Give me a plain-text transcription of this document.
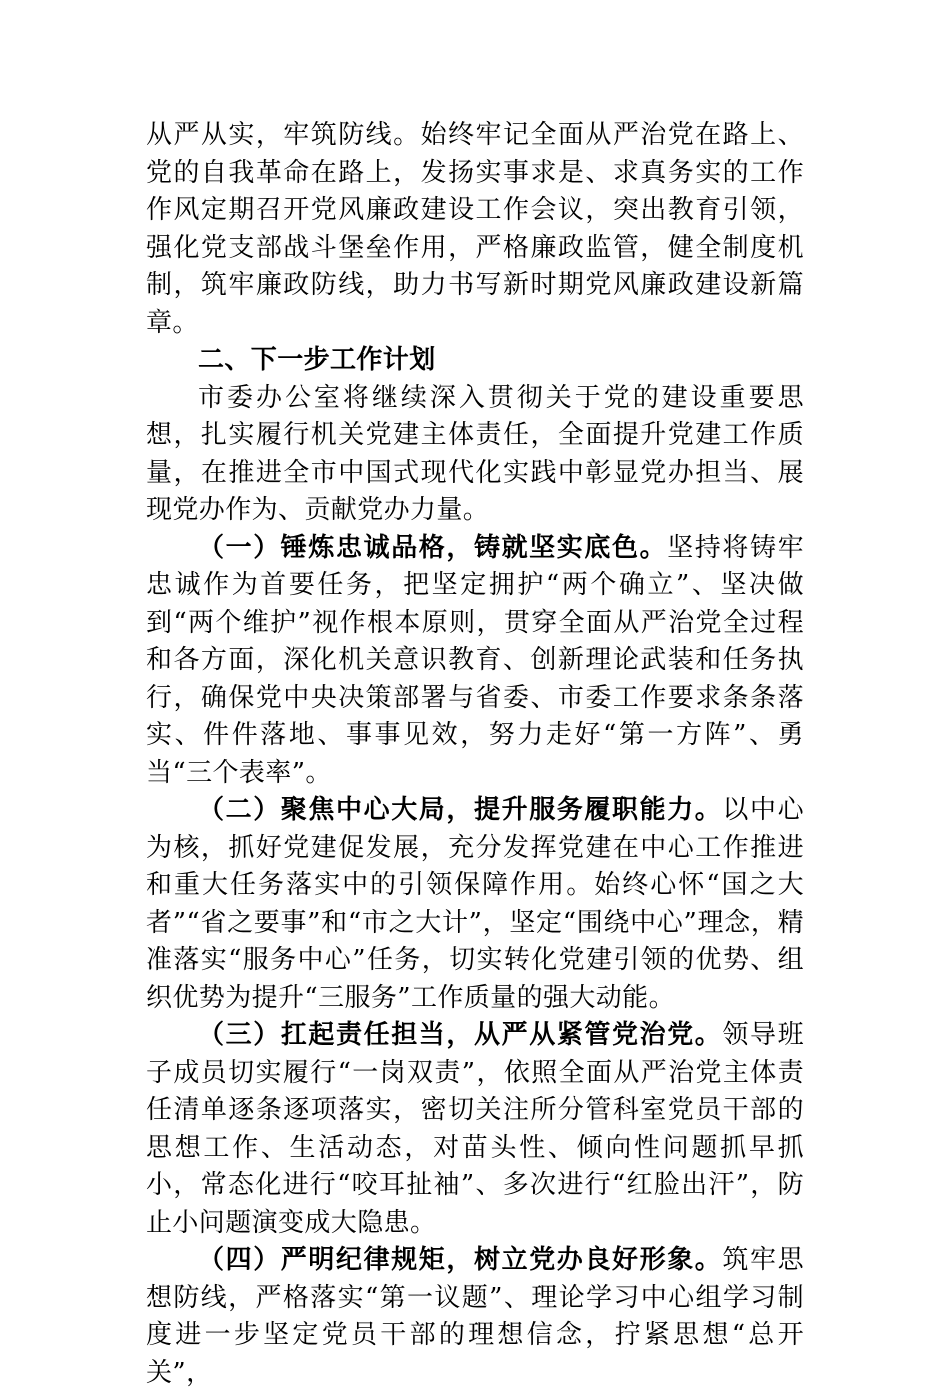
从严从实，牢筑防线。始终牢记全面从严治党在路上、党的自我革命在路上，发扬实事求是、求真务实的工作作风定期召开党风廉政建设工作会议，突出教育引领，强化党支部战斗堡垒作用，严格廉政监管，健全制度机制，筑牢廉政防线，助力书写新时期党风廉政建设新篇章。

二、下一步工作计划

市委办公室将继续深入贯彻关于党的建设重要思想，扎实履行机关党建主体责任，全面提升党建工作质量，在推进全市中国式现代化实践中彰显党办担当、展现党办作为、贡献党办力量。

（一）锤炼忠诚品格，铸就坚实底色。坚持将铸牢忠诚作为首要任务，把坚定拥护“两个确立”、坚决做到“两个维护”视作根本原则，贯穿全面从严治党全过程和各方面，深化机关意识教育、创新理论武装和任务执行，确保党中央决策部署与省委、市委工作要求条条落实、件件落地、事事见效，努力走好“第一方阵”、勇当“三个表率”。

（二）聚焦中心大局，提升服务履职能力。以中心为核，抓好党建促发展，充分发挥党建在中心工作推进和重大任务落实中的引领保障作用。始终心怀“国之大者”“省之要事”和“市之大计”，坚定“围绕中心”理念，精准落实“服务中心”任务，切实转化党建引领的优势、组织优势为提升“三服务”工作质量的强大动能。

（三）扛起责任担当，从严从紧管党治党。领导班子成员切实履行“一岗双责”，依照全面从严治党主体责任清单逐条逐项落实，密切关注所分管科室党员干部的思想工作、生活动态，对苗头性、倾向性问题抓早抓小，常态化进行“咬耳扯袖”、多次进行“红脸出汗”，防止小问题演变成大隐患。

（四）严明纪律规矩，树立党办良好形象。筑牢思想防线，严格落实“第一议题”、理论学习中心组学习制度进一步坚定党员干部的理想信念，拧紧思想“总开关”，
